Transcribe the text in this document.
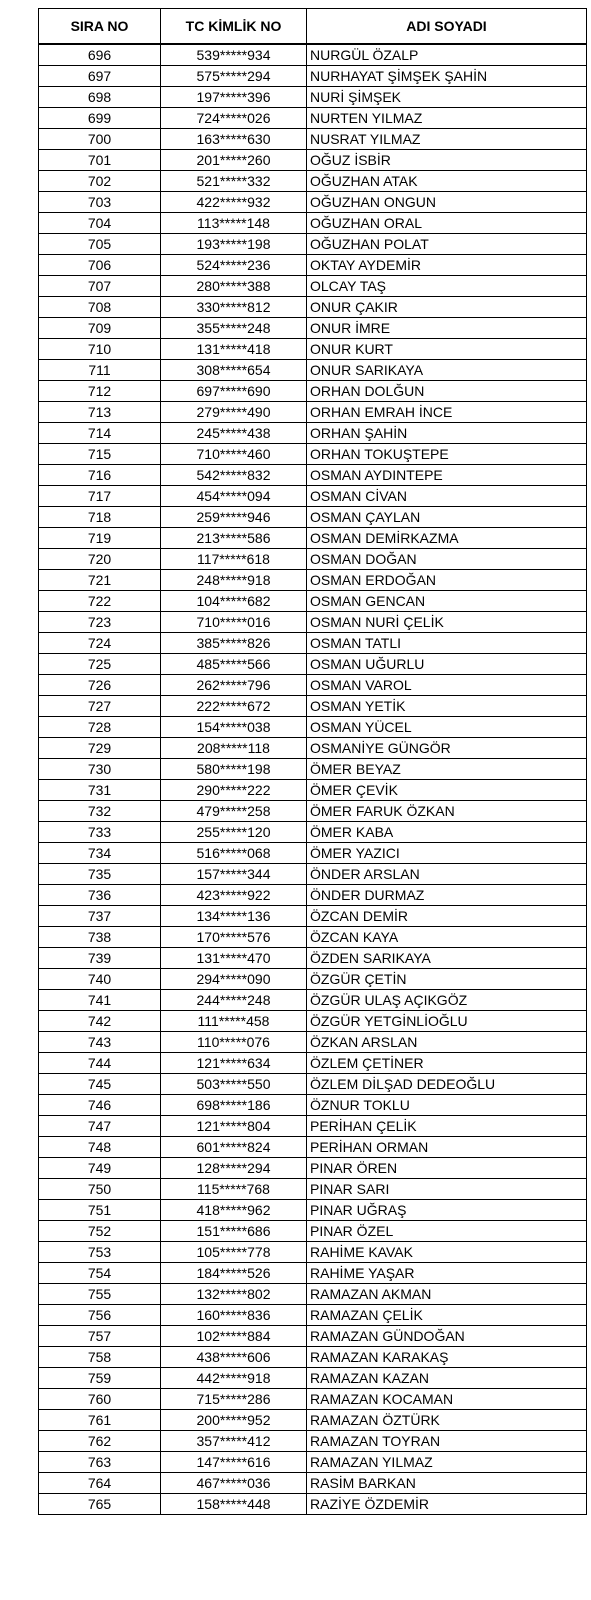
SIRA NO	TC KİMLİK NO	ADI SOYADI
696	539*****934	NURGÜL ÖZALP
697	575*****294	NURHAYAT ŞİMŞEK ŞAHİN
698	197*****396	NURİ ŞİMŞEK
699	724*****026	NURTEN YILMAZ
700	163*****630	NUSRAT YILMAZ
701	201*****260	OĞUZ İSBİR
702	521*****332	OĞUZHAN ATAK
703	422*****932	OĞUZHAN ONGUN
704	113*****148	OĞUZHAN ORAL
705	193*****198	OĞUZHAN POLAT
706	524*****236	OKTAY AYDEMİR
707	280*****388	OLCAY TAŞ
708	330*****812	ONUR ÇAKIR
709	355*****248	ONUR İMRE
710	131*****418	ONUR KURT
711	308*****654	ONUR SARIKAYA
712	697*****690	ORHAN DOLĞUN
713	279*****490	ORHAN EMRAH İNCE
714	245*****438	ORHAN ŞAHİN
715	710*****460	ORHAN TOKUŞTEPE
716	542*****832	OSMAN AYDINTEPE
717	454*****094	OSMAN CİVAN
718	259*****946	OSMAN ÇAYLAN
719	213*****586	OSMAN DEMİRKAZMA
720	117*****618	OSMAN DOĞAN
721	248*****918	OSMAN ERDOĞAN
722	104*****682	OSMAN GENCAN
723	710*****016	OSMAN NURİ ÇELİK
724	385*****826	OSMAN TATLI
725	485*****566	OSMAN UĞURLU
726	262*****796	OSMAN VAROL
727	222*****672	OSMAN YETİK
728	154*****038	OSMAN YÜCEL
729	208*****118	OSMANİYE GÜNGÖR
730	580*****198	ÖMER BEYAZ
731	290*****222	ÖMER ÇEVİK
732	479*****258	ÖMER FARUK ÖZKAN
733	255*****120	ÖMER KABA
734	516*****068	ÖMER YAZICI
735	157*****344	ÖNDER ARSLAN
736	423*****922	ÖNDER DURMAZ
737	134*****136	ÖZCAN DEMİR
738	170*****576	ÖZCAN KAYA
739	131*****470	ÖZDEN SARIKAYA
740	294*****090	ÖZGÜR ÇETİN
741	244*****248	ÖZGÜR ULAŞ AÇIKGÖZ
742	111*****458	ÖZGÜR YETGİNLİOĞLU
743	110*****076	ÖZKAN ARSLAN
744	121*****634	ÖZLEM ÇETİNER
745	503*****550	ÖZLEM DİLŞAD DEDEOĞLU
746	698*****186	ÖZNUR TOKLU
747	121*****804	PERİHAN ÇELİK
748	601*****824	PERİHAN ORMAN
749	128*****294	PINAR ÖREN
750	115*****768	PINAR SARI
751	418*****962	PINAR UĞRAŞ
752	151*****686	PINAR ÖZEL
753	105*****778	RAHİME KAVAK
754	184*****526	RAHİME YAŞAR
755	132*****802	RAMAZAN AKMAN
756	160*****836	RAMAZAN ÇELİK
757	102*****884	RAMAZAN GÜNDOĞAN
758	438*****606	RAMAZAN KARAKAŞ
759	442*****918	RAMAZAN KAZAN
760	715*****286	RAMAZAN KOCAMAN
761	200*****952	RAMAZAN ÖZTÜRK
762	357*****412	RAMAZAN TOYRAN
763	147*****616	RAMAZAN YILMAZ
764	467*****036	RASİM BARKAN
765	158*****448	RAZİYE ÖZDEMİR
